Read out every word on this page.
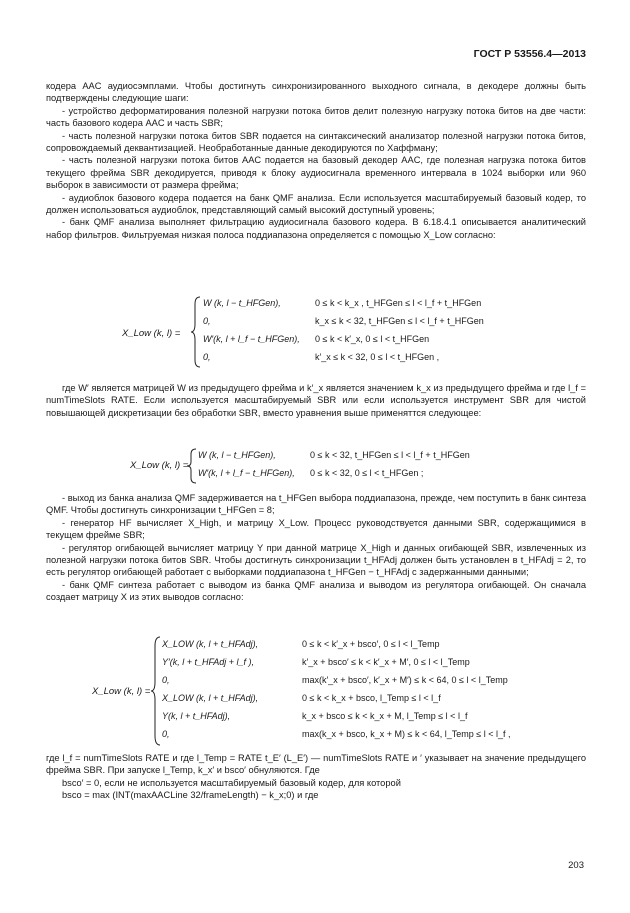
ГОСТ Р 53556.4—2013

кодера AAC аудиосэмплами. Чтобы достигнуть синхронизированного выходного сигнала, в декодере должны быть подтверждены следующие шаги:

- устройство деформатирования полезной нагрузки потока битов делит полезную нагрузку потока битов на две части: часть базового кодера AAC и часть SBR;

- часть полезной нагрузки потока битов SBR подается на синтаксический анализатор полезной нагрузки потока битов, сопровождаемый деквантизацией. Необработанные данные декодируются по Хаффману;

- часть полезной нагрузки потока битов AAC подается на базовый декодер AAC, где полезная нагрузка потока битов текущего фрейма SBR декодируется, приводя к блоку аудиосигнала временного интервала в 1024 выборки или 960 выборок в зависимости от размера фрейма;

- аудиоблок базового кодера подается на банк QMF анализа. Если используется масштабируемый базовый кодер, то должен использоваться аудиоблок, представляющий самый высокий доступный уровень;

- банк QMF анализа выполняет фильтрацию аудиосигнала базового кодера. В 6.18.4.1 описывается аналитический набор фильтров. Фильтруемая низкая полоса поддиапазона определяется с помощью X_Low согласно:

X_Low (k, l) =
W (k, l − t_HFGen),	0 ≤ k < k_x , t_HFGen ≤ l < l_f + t_HFGen
0,	k_x ≤ k < 32, t_HFGen ≤ l < l_f + t_HFGen
W′(k, l + l_f − t_HFGen), 0 ≤ k < k′_x, 0 ≤ l < t_HFGen
0,	k′_x ≤ k < 32, 0 ≤ l < t_HFGen ,

где W′ является матрицей W из предыдущего фрейма и k′_x является значением k_x из предыдущего фрейма и где l_f = numTimeSlots RATE. Если используется масштабируемый SBR или если используется инструмент SBR для чистой повышающей дискретизации без обработки SBR, вместо уравнения выше применяттся следующее:

X_Low (k, l) =
W (k, l − t_HFGen),	0 ≤ k < 32, t_HFGen ≤ l < l_f + t_HFGen
W′(k, l + l_f − t_HFGen), 0 ≤ k < 32, 0 ≤ l < t_HFGen ;

- выход из банка анализа QMF задерживается на t_HFGen выбора поддиапазона, прежде, чем поступить в банк синтеза QMF. Чтобы достигнуть синхронизации t_HFGen = 8;

- генератор HF вычисляет X_High, и матрицу X_Low. Процесс руководствуется данными SBR, содержащимися в текущем фрейме SBR;

- регулятор огибающей вычисляет матрицу Y при данной матрице X_High и данных огибающей SBR, извлеченных из полезной нагрузки потока битов SBR. Чтобы достигнуть синхронизации t_HFAdj должен быть установлен в t_HFAdj = 2, то есть регулятор огибающей работает с выборками поддиапазона t_HFGen − t_HFAdj с задержанными данными;

- банк QMF синтеза работает с выводом из банка QMF анализа и выводом из регулятора огибающей. Он сначала создает матрицу X из этих выводов согласно:

X_Low (k, l) =
X_LOW (k, l + t_HFAdj),	0 ≤ k < k′_x + bsco′, 0 ≤ l < l_Temp
Y′(k, l + t_HFAdj + l_f ),	k′_x + bsco′ ≤ k < k′_x + M′, 0 ≤ l < l_Temp
0,	max(k′_x + bsco′, k′_x + M′) ≤ k < 64, 0 ≤ l < l_Temp
X_LOW (k, l + t_HFAdj),	0 ≤ k < k_x + bsco, l_Temp ≤ l < l_f
Y(k, l + t_HFAdj),	k_x + bsco ≤ k < k_x + M, l_Temp ≤ l < l_f
0,	max(k_x + bsco, k_x + M) ≤ k < 64, l_Temp ≤ l < l_f ,

где l_f = numTimeSlots RATE и где l_Temp = RATE t_E′ (L_E′) — numTimeSlots RATE и ′ указывает на значение предыдущего фрейма SBR. При запуске l_Temp, k_x′ и bsco′ обнуляются. Где

bsco′ = 0, если не используется масштабируемый базовый кодер, для которой

bsco = max (INT(maxAACLine 32/frameLength) − k_x;0) и где

203
